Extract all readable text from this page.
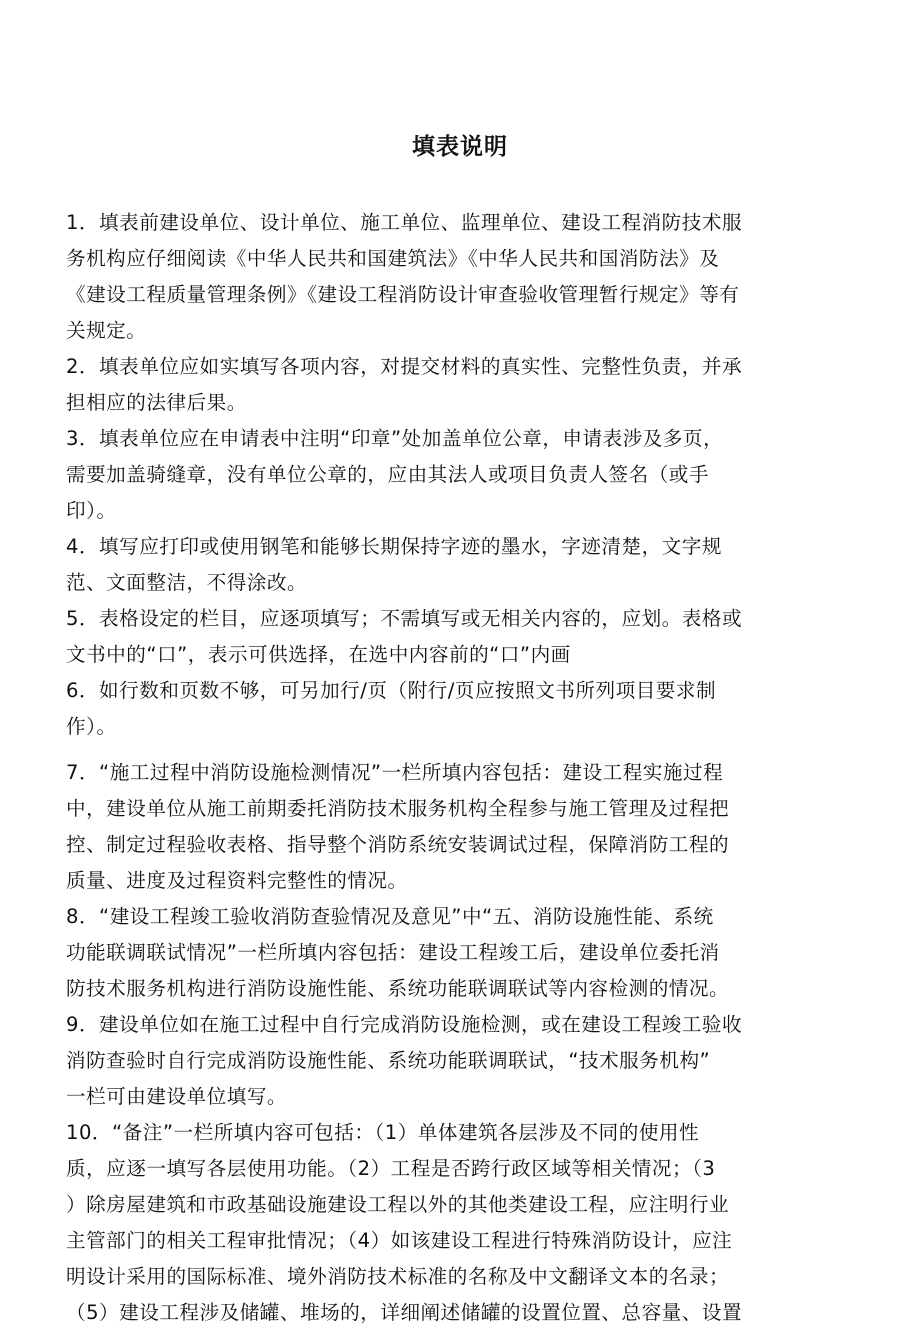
填表说明
1．填表前建设单位、设计单位、施工单位、监理单位、建设工程消防技术服
务机构应仔细阅读《中华人民共和国建筑法》《中华人民共和国消防法》及
《建设工程质量管理条例》《建设工程消防设计审查验收管理暂行规定》等有
关规定。
2．填表单位应如实填写各项内容，对提交材料的真实性、完整性负责，并承
担相应的法律后果。
3．填表单位应在申请表中注明“印章”处加盖单位公章，申请表涉及多页，
需要加盖骑缝章，没有单位公章的，应由其法人或项目负责人签名（或手
印）。
4．填写应打印或使用钢笔和能够长期保持字迹的墨水，字迹清楚，文字规
范、文面整洁，不得涂改。
5．表格设定的栏目，应逐项填写；不需填写或无相关内容的，应划。表格或
文书中的“口”，表示可供选择，在选中内容前的“口”内画
6．如行数和页数不够，可另加行/页（附行/页应按照文书所列项目要求制
作）。
7．“施工过程中消防设施检测情况”一栏所填内容包括：建设工程实施过程
中，建设单位从施工前期委托消防技术服务机构全程参与施工管理及过程把
控、制定过程验收表格、指导整个消防系统安装调试过程，保障消防工程的
质量、进度及过程资料完整性的情况。
8．“建设工程竣工验收消防查验情况及意见”中“五、消防设施性能、系统
功能联调联试情况”一栏所填内容包括：建设工程竣工后，建设单位委托消
防技术服务机构进行消防设施性能、系统功能联调联试等内容检测的情况。
9．建设单位如在施工过程中自行完成消防设施检测，或在建设工程竣工验收
消防查验时自行完成消防设施性能、系统功能联调联试，“技术服务机构”
一栏可由建设单位填写。
10．“备注”一栏所填内容可包括：（1）单体建筑各层涉及不同的使用性
质，应逐一填写各层使用功能。（2）工程是否跨行政区域等相关情况；（3
）除房屋建筑和市政基础设施建设工程以外的其他类建设工程，应注明行业
主管部门的相关工程审批情况；（4）如该建设工程进行特殊消防设计，应注
明设计采用的国际标准、境外消防技术标准的名称及中文翻译文本的名录；
（5）建设工程涉及储罐、堆场的，详细阐述储罐的设置位置、总容量、设置
